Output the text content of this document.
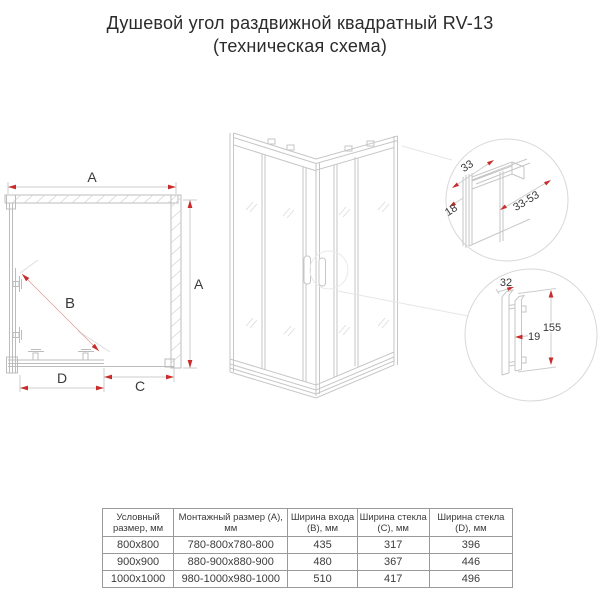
Душевой угол раздвижной квадратный RV-13
(техническая схема)
A
A
B
D	C
33
18	33-53
32
19
155
Условный размер, мм	Монтажный размер (A), мм	Ширина входа (B), мм	Ширина стекла (C), мм	Ширина стекла (D), мм
800x800	780-800x780-800	435	317	396
900x900	880-900x880-900	480	367	446
1000x1000	980-1000x980-1000	510	417	496
